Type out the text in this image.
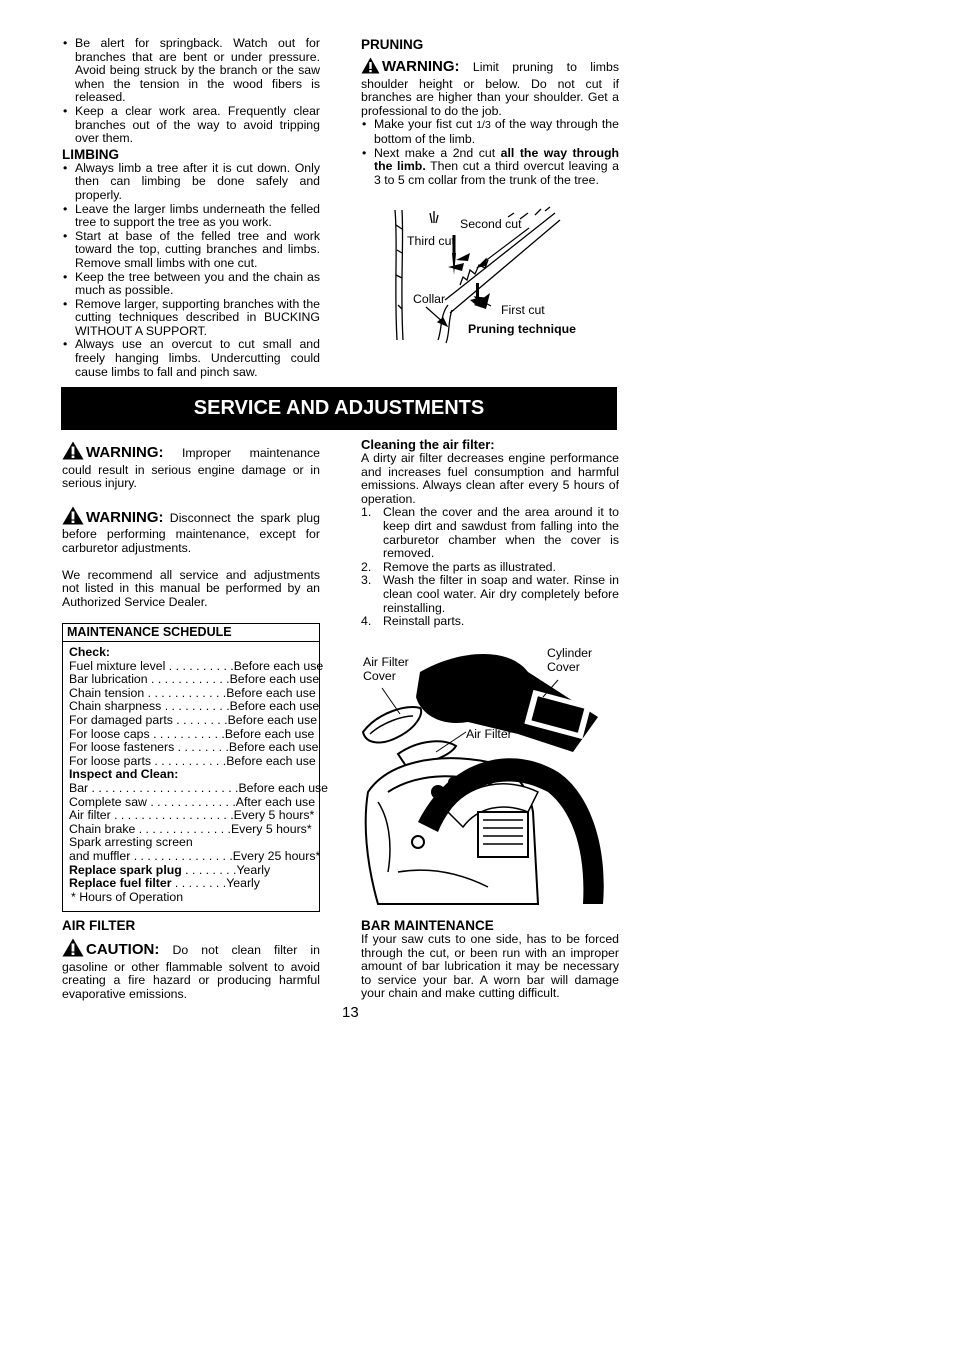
• Be alert for springback. Watch out for branches that are bent or under pressure. Avoid being struck by the branch or the saw when the tension in the wood fibers is released.
• Keep a clear work area. Frequently clear branches out of the way to avoid tripping over them.

LIMBING

• Always limb a tree after it is cut down. Only then can limbing be done safely and properly.
• Leave the larger limbs underneath the felled tree to support the tree as you work.
• Start at base of the felled tree and work toward the top, cutting branches and limbs. Remove small limbs with one cut.
• Keep the tree between you and the chain as much as possible.
• Remove larger, supporting branches with the cutting techniques described in BUCKING WITHOUT A SUPPORT.
• Always use an overcut to cut small and freely hanging limbs. Undercutting could cause limbs to fall and pinch saw.

PRUNING

WARNING: Limit pruning to limbs shoulder height or below. Do not cut if branches are higher than your shoulder. Get a professional to do the job.

• Make your fist cut 1/3 of the way through the bottom of the limb.
• Next make a 2nd cut all the way through the limb. Then cut a third overcut leaving a 3 to 5 cm collar from the trunk of the tree.
Second cut
Third cut
Collar
First cut
Pruning technique
SERVICE AND ADJUSTMENTS

WARNING: Improper maintenance could result in serious engine damage or in serious injury.

WARNING: Disconnect the spark plug before performing maintenance, except for carburetor adjustments.

We recommend all service and adjustments not listed in this manual be performed by an Authorized Service Dealer.

MAINTENANCE SCHEDULE
Check:
Fuel mixture level . . . . . . . . . . Before each use
Bar lubrication . . . . . . . . . . . . Before each use
Chain tension . . . . . . . . . . . . Before each use
Chain sharpness . . . . . . . . . . Before each use
For damaged parts . . . . . . . . Before each use
For loose caps . . . . . . . . . . . Before each use
For loose fasteners . . . . . . . . Before each use
For loose parts . . . . . . . . . . . Before each use
Inspect and Clean:
Bar . . . . . . . . . . . . . . . . . . . . . . Before each use
Complete saw . . . . . . . . . . . . . After each use
Air filter . . . . . . . . . . . . . . . . . . Every 5 hours*
Chain brake . . . . . . . . . . . . . . Every 5 hours*
Spark arresting screen
and muffler . . . . . . . . . . . . . . . Every 25 hours*
Replace spark plug . . . . . . . . Yearly
Replace fuel filter . . . . . . . . Yearly
* Hours of Operation

AIR FILTER

CAUTION: Do not clean filter in gasoline or other flammable solvent to avoid creating a fire hazard or producing harmful evaporative emissions.

Cleaning the air filter:

A dirty air filter decreases engine performance and increases fuel consumption and harmful emissions. Always clean after every 5 hours of operation.

1. Clean the cover and the area around it to keep dirt and sawdust from falling into the carburetor chamber when the cover is removed.
2. Remove the parts as illustrated.
3. Wash the filter in soap and water. Rinse in clean cool water. Air dry completely before reinstalling.
4. Reinstall parts.
Air Filter
Cover
Cylinder
Cover
Air Filter

BAR MAINTENANCE

If your saw cuts to one side, has to be forced through the cut, or been run with an improper amount of bar lubrication it may be necessary to service your bar. A worn bar will damage your chain and make cutting difficult.

13
